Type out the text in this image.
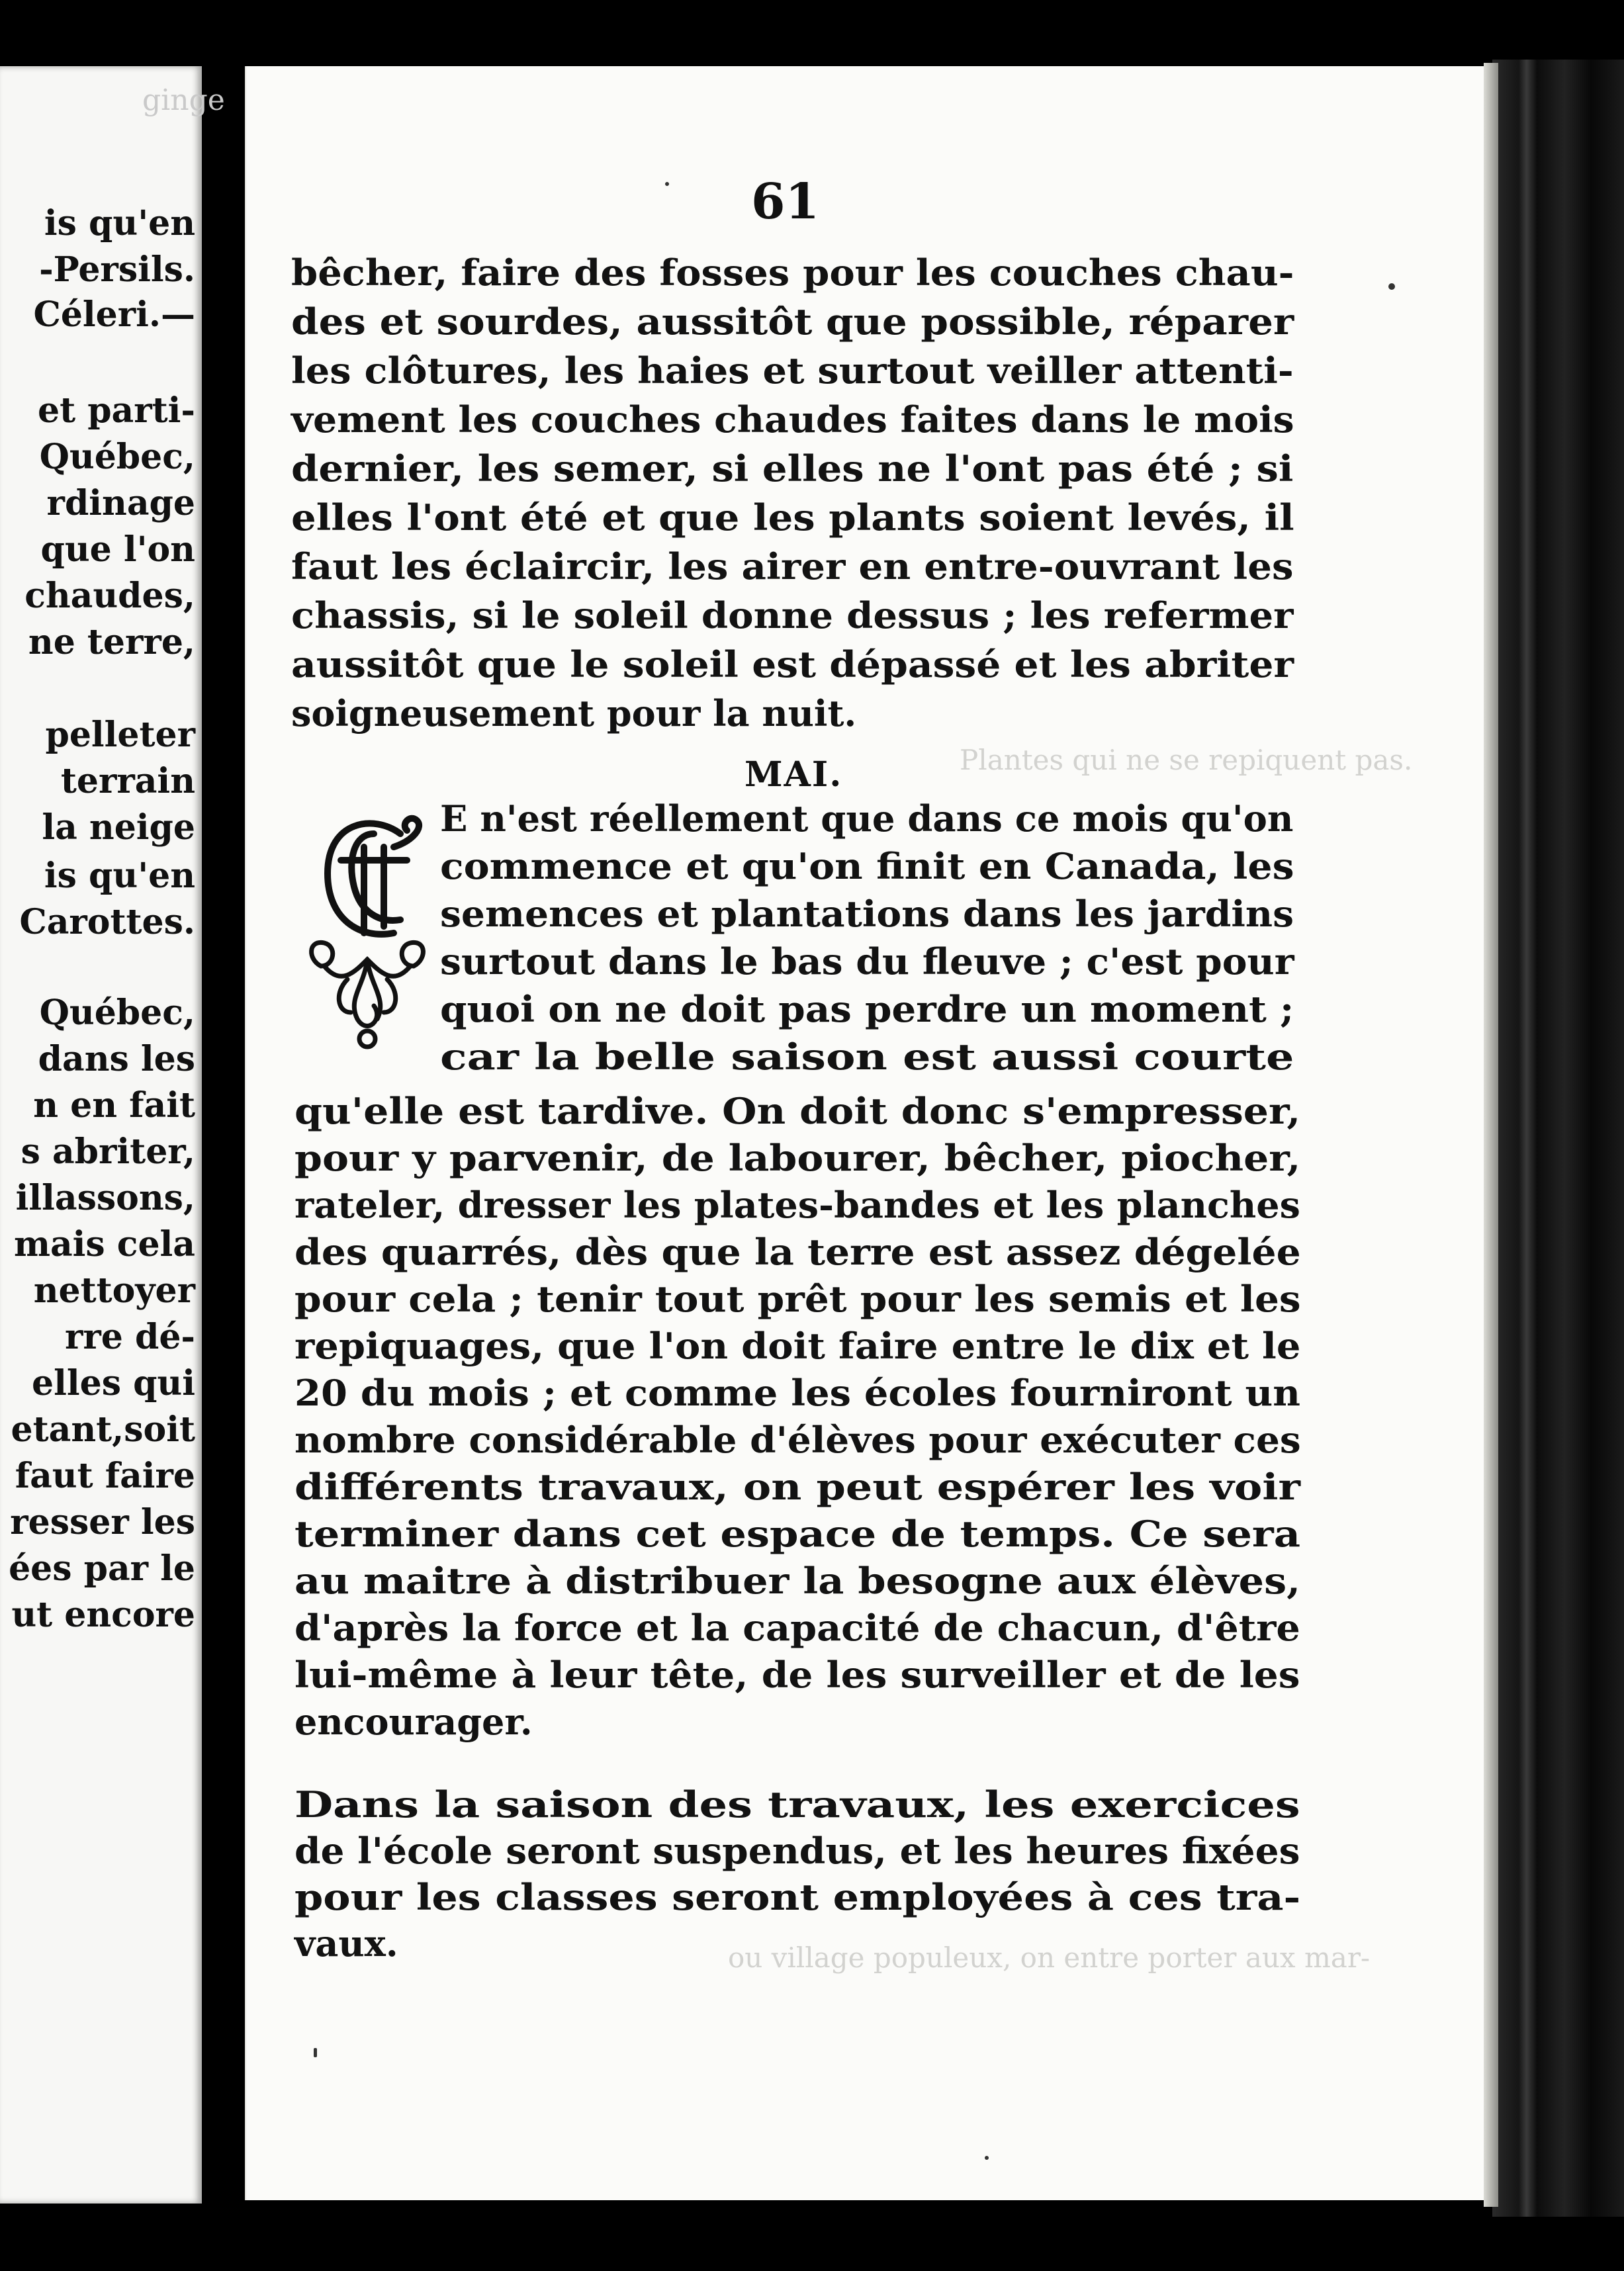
ginge
is qu'en
-Persils.
Céleri.—
et parti-
Québec,
rdinage
que l'on
chaudes,
ne terre,
pelleter
terrain
la neige
is qu'en
Carottes.
Québec,
dans les
n en fait
s abriter,
illassons,
mais cela
nettoyer
rre dé-
elles qui
etant,soit
faut faire
resser les
ées par le
ut encore
Plantes qui ne se repiquent pas.
ou village populeux, on entre porter aux mar-
61
bêcher, faire des fosses pour les couches chau-
des et sourdes, aussitôt que possible, réparer
les clôtures, les haies et surtout veiller attenti-
vement les couches chaudes faites dans le mois
dernier, les semer, si elles ne l'ont pas été ; si
elles l'ont été et que les plants soient levés, il
faut les éclaircir, les airer en entre-ouvrant les
chassis, si le soleil donne dessus ; les refermer
aussitôt que le soleil est dépassé et les abriter
soigneusement pour la nuit.
E n'est réellement que dans ce mois qu'on
commence et qu'on finit en Canada, les
semences et plantations dans les jardins
surtout dans le bas du fleuve ; c'est pour
quoi on ne doit pas perdre un moment ;
car la belle saison est aussi courte
qu'elle est tardive. On doit donc s'empresser,
pour y parvenir, de labourer, bêcher, piocher,
rateler, dresser les plates-bandes et les planches
des quarrés, dès que la terre est assez dégelée
pour cela ; tenir tout prêt pour les semis et les
repiquages, que l'on doit faire entre le dix et le
20 du mois ; et comme les écoles fourniront un
nombre considérable d'élèves pour exécuter ces
différents travaux, on peut espérer les voir
terminer dans cet espace de temps. Ce sera
au maitre à distribuer la besogne aux élèves,
d'après la force et la capacité de chacun, d'être
lui-même à leur tête, de les surveiller et de les
encourager.
Dans la saison des travaux, les exercices
de l'école seront suspendus, et les heures fixées
pour les classes seront employées à ces tra-
vaux.
MAI.
